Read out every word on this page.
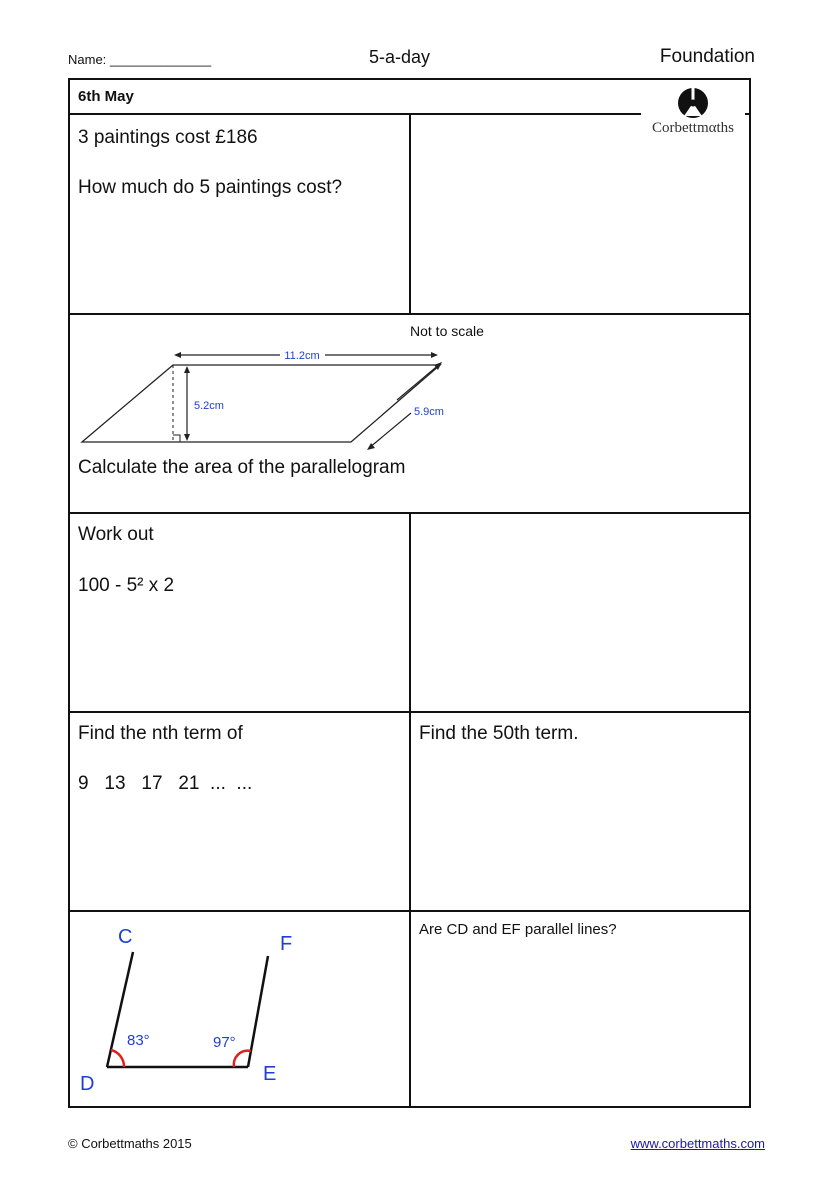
Name: ______________	5-a-day	Foundation
6th May
3 paintings cost £186
How much do 5 paintings cost?
Not to scale
11.2cm
5.2cm	5.9cm
Calculate the area of the parallelogram
Work out
100 - 5² x 2
Find the nth term of
9   13   17   21  ...  ...
Find the 50th term.
C
D	E
F
83°	97°
Are CD and EF parallel lines?
Corbettmαths
© Corbettmaths 2015	www.corbettmaths.com
